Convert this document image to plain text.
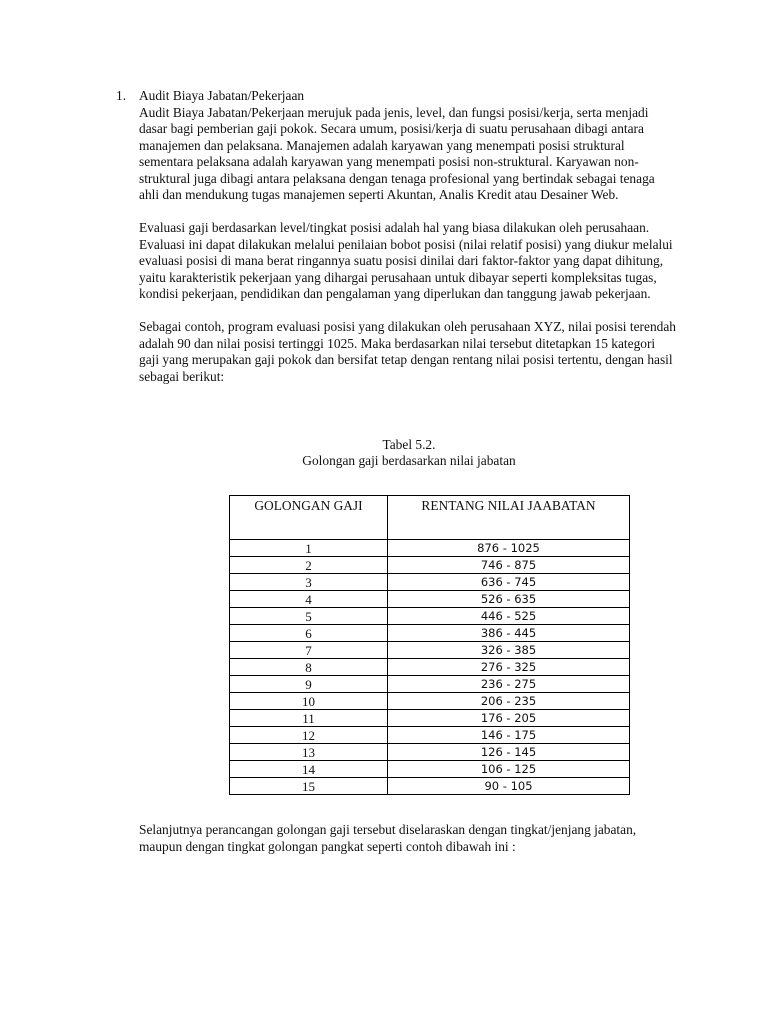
1. Audit Biaya Jabatan/Pekerjaan

Audit Biaya Jabatan/Pekerjaan merujuk pada jenis, level, dan fungsi posisi/kerja, serta menjadi dasar bagi pemberian gaji pokok. Secara umum, posisi/kerja di suatu perusahaan dibagi antara manajemen dan pelaksana. Manajemen adalah karyawan yang menempati posisi struktural sementara pelaksana adalah karyawan yang menempati posisi non-struktural. Karyawan non-struktural juga dibagi antara pelaksana dengan tenaga profesional yang bertindak sebagai tenaga ahli dan mendukung tugas manajemen seperti Akuntan, Analis Kredit atau Desainer Web.

Evaluasi gaji berdasarkan level/tingkat posisi adalah hal yang biasa dilakukan oleh perusahaan. Evaluasi ini dapat dilakukan melalui penilaian bobot posisi (nilai relatif posisi) yang diukur melalui evaluasi posisi di mana berat ringannya suatu posisi dinilai dari faktor-faktor yang dapat dihitung, yaitu karakteristik pekerjaan yang dihargai perusahaan untuk dibayar seperti kompleksitas tugas, kondisi pekerjaan, pendidikan dan pengalaman yang diperlukan dan tanggung jawab pekerjaan.

Sebagai contoh, program evaluasi posisi yang dilakukan oleh perusahaan XYZ, nilai posisi terendah adalah 90 dan nilai posisi tertinggi 1025. Maka berdasarkan nilai tersebut ditetapkan 15 kategori gaji yang merupakan gaji pokok dan bersifat tetap dengan rentang nilai posisi tertentu, dengan hasil sebagai berikut:

Tabel 5.2.
Golongan gaji berdasarkan nilai jabatan
GOLONGAN GAJI	RENTANG NILAI JAABATAN
1	876 - 1025
2	746 - 875
3	636 - 745
4	526 - 635
5	446 - 525
6	386 - 445
7	326 - 385
8	276 - 325
9	236 - 275
10	206 - 235
11	176 - 205
12	146 - 175
13	126 - 145
14	106 - 125
15	90 - 105

Selanjutnya perancangan golongan gaji tersebut diselaraskan dengan tingkat/jenjang jabatan, maupun dengan tingkat golongan pangkat seperti contoh dibawah ini :
